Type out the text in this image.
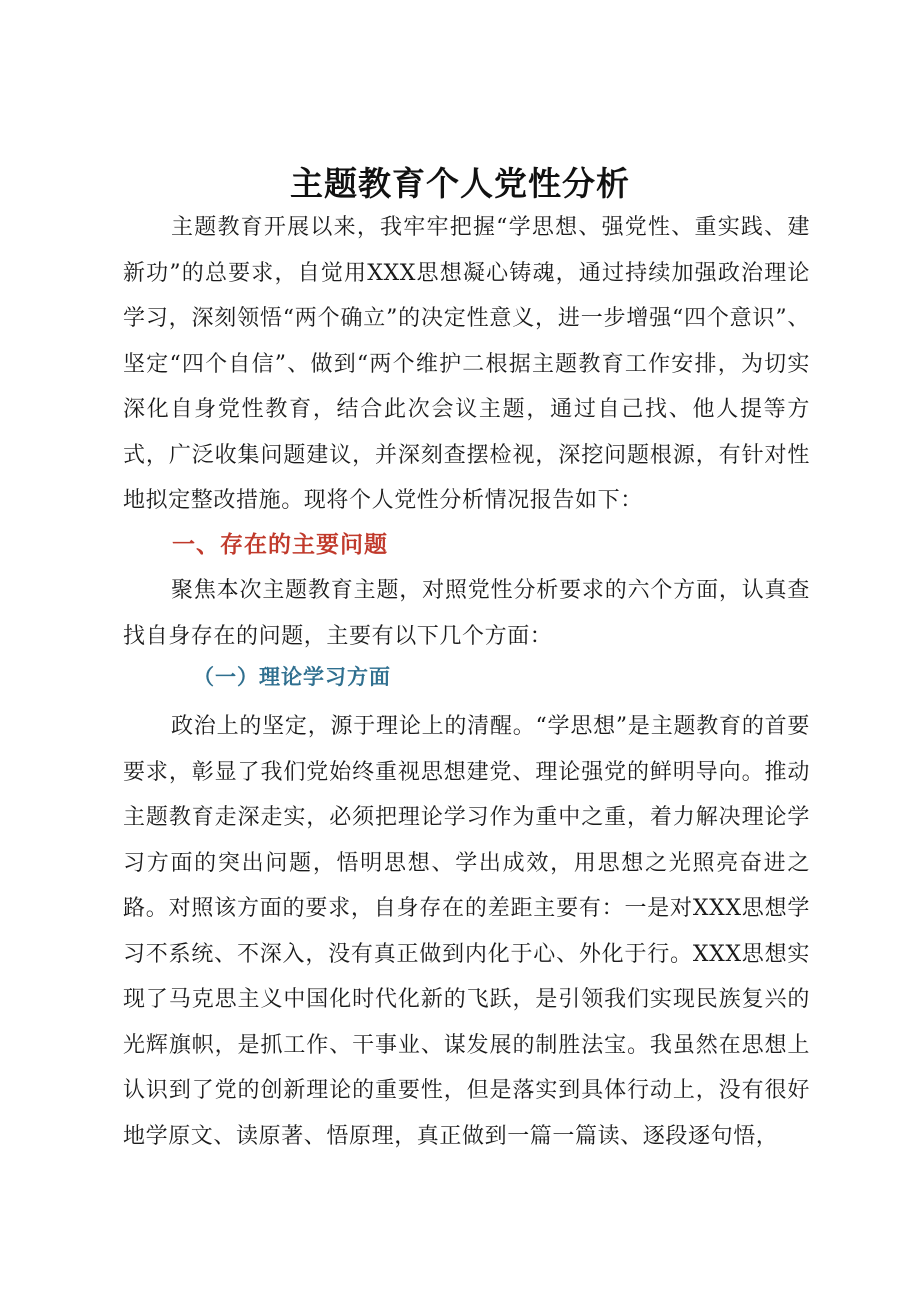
主题教育个人党性分析

主题教育开展以来，我牢牢把握“学思想、强党性、重实践、建新功”的总要求，自觉用XXX思想凝心铸魂，通过持续加强政治理论学习，深刻领悟“两个确立”的决定性意义，进一步增强“四个意识”、坚定“四个自信”、做到“两个维护二根据主题教育工作安排，为切实深化自身党性教育，结合此次会议主题，通过自己找、他人提等方式，广泛收集问题建议，并深刻查摆检视，深挖问题根源，有针对性地拟定整改措施。现将个人党性分析情况报告如下：

一、存在的主要问题

聚焦本次主题教育主题，对照党性分析要求的六个方面，认真查找自身存在的问题，主要有以下几个方面：

（一）理论学习方面

政治上的坚定，源于理论上的清醒。“学思想”是主题教育的首要要求，彰显了我们党始终重视思想建党、理论强党的鲜明导向。推动主题教育走深走实，必须把理论学习作为重中之重，着力解决理论学习方面的突出问题，悟明思想、学出成效，用思想之光照亮奋进之路。对照该方面的要求，自身存在的差距主要有：一是对XXX思想学习不系统、不深入，没有真正做到内化于心、外化于行。XXX思想实现了马克思主义中国化时代化新的飞跃，是引领我们实现民族复兴的光辉旗帜，是抓工作、干事业、谋发展的制胜法宝。我虽然在思想上认识到了党的创新理论的重要性，但是落实到具体行动上，没有很好地学原文、读原著、悟原理，真正做到一篇一篇读、逐段逐句悟，
